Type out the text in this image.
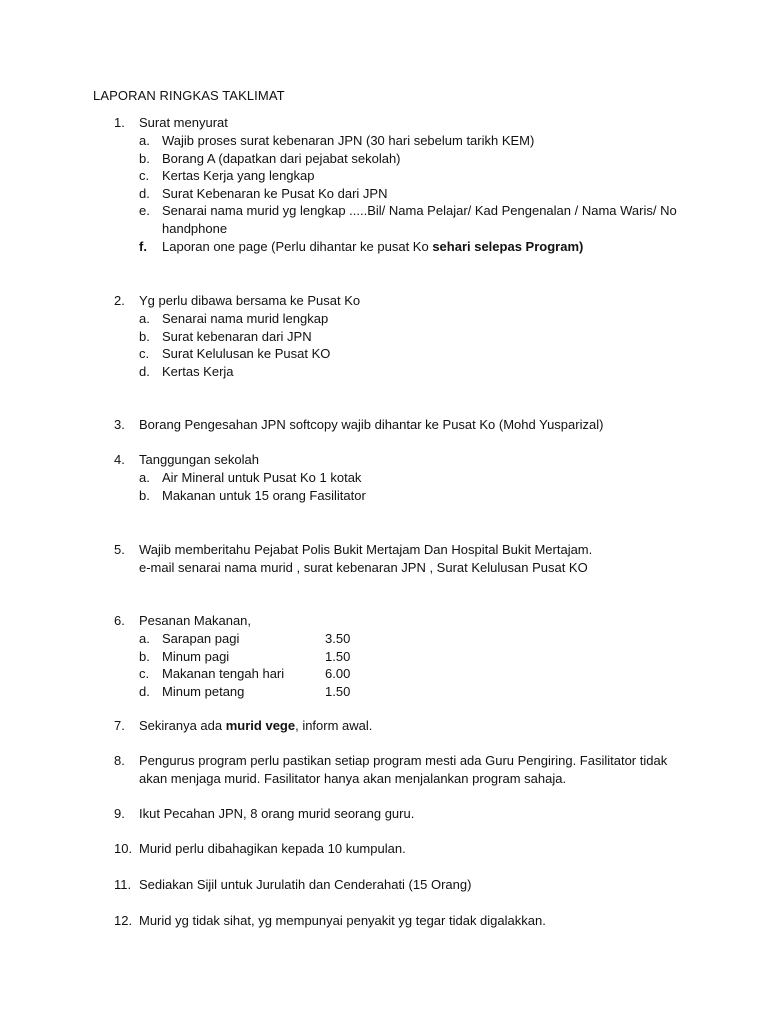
LAPORAN RINGKAS TAKLIMAT
1.	Surat menyurat
a. Wajib proses surat kebenaran JPN (30 hari sebelum tarikh KEM)
b. Borang A (dapatkan dari pejabat sekolah)
c. Kertas Kerja yang lengkap
d. Surat Kebenaran ke Pusat Ko dari JPN
e. Senarai nama murid yg lengkap .....Bil/ Nama Pelajar/ Kad Pengenalan / Nama Waris/ No handphone
f.	Laporan one page (Perlu dihantar ke pusat Ko sehari selepas Program)
2.	Yg perlu dibawa bersama ke Pusat Ko
a. Senarai nama murid lengkap
b. Surat kebenaran dari JPN
c. Surat Kelulusan ke Pusat KO
d. Kertas Kerja
3.	Borang Pengesahan JPN softcopy wajib dihantar ke Pusat Ko (Mohd Yusparizal)
4.	Tanggungan sekolah
a. Air Mineral untuk Pusat Ko 1 kotak
b. Makanan untuk 15 orang Fasilitator
5.	Wajib memberitahu Pejabat Polis Bukit Mertajam Dan Hospital Bukit Mertajam.
e-mail senarai nama murid , surat kebenaran JPN , Surat Kelulusan Pusat KO
6.	Pesanan Makanan,
a. Sarapan pagi	3.50
b. Minum pagi	1.50
c. Makanan tengah hari	6.00
d. Minum petang	1.50
7.	Sekiranya ada murid vege, inform awal.
8.	Pengurus program perlu pastikan setiap program mesti ada Guru Pengiring. Fasilitator tidak akan menjaga murid. Fasilitator hanya akan menjalankan program sahaja.
9.	Ikut Pecahan JPN, 8 orang murid seorang guru.
10. Murid perlu dibahagikan kepada 10 kumpulan.
11. Sediakan Sijil untuk Jurulatih dan Cenderahati (15 Orang)
12. Murid yg tidak sihat, yg mempunyai penyakit yg tegar tidak digalakkan.
